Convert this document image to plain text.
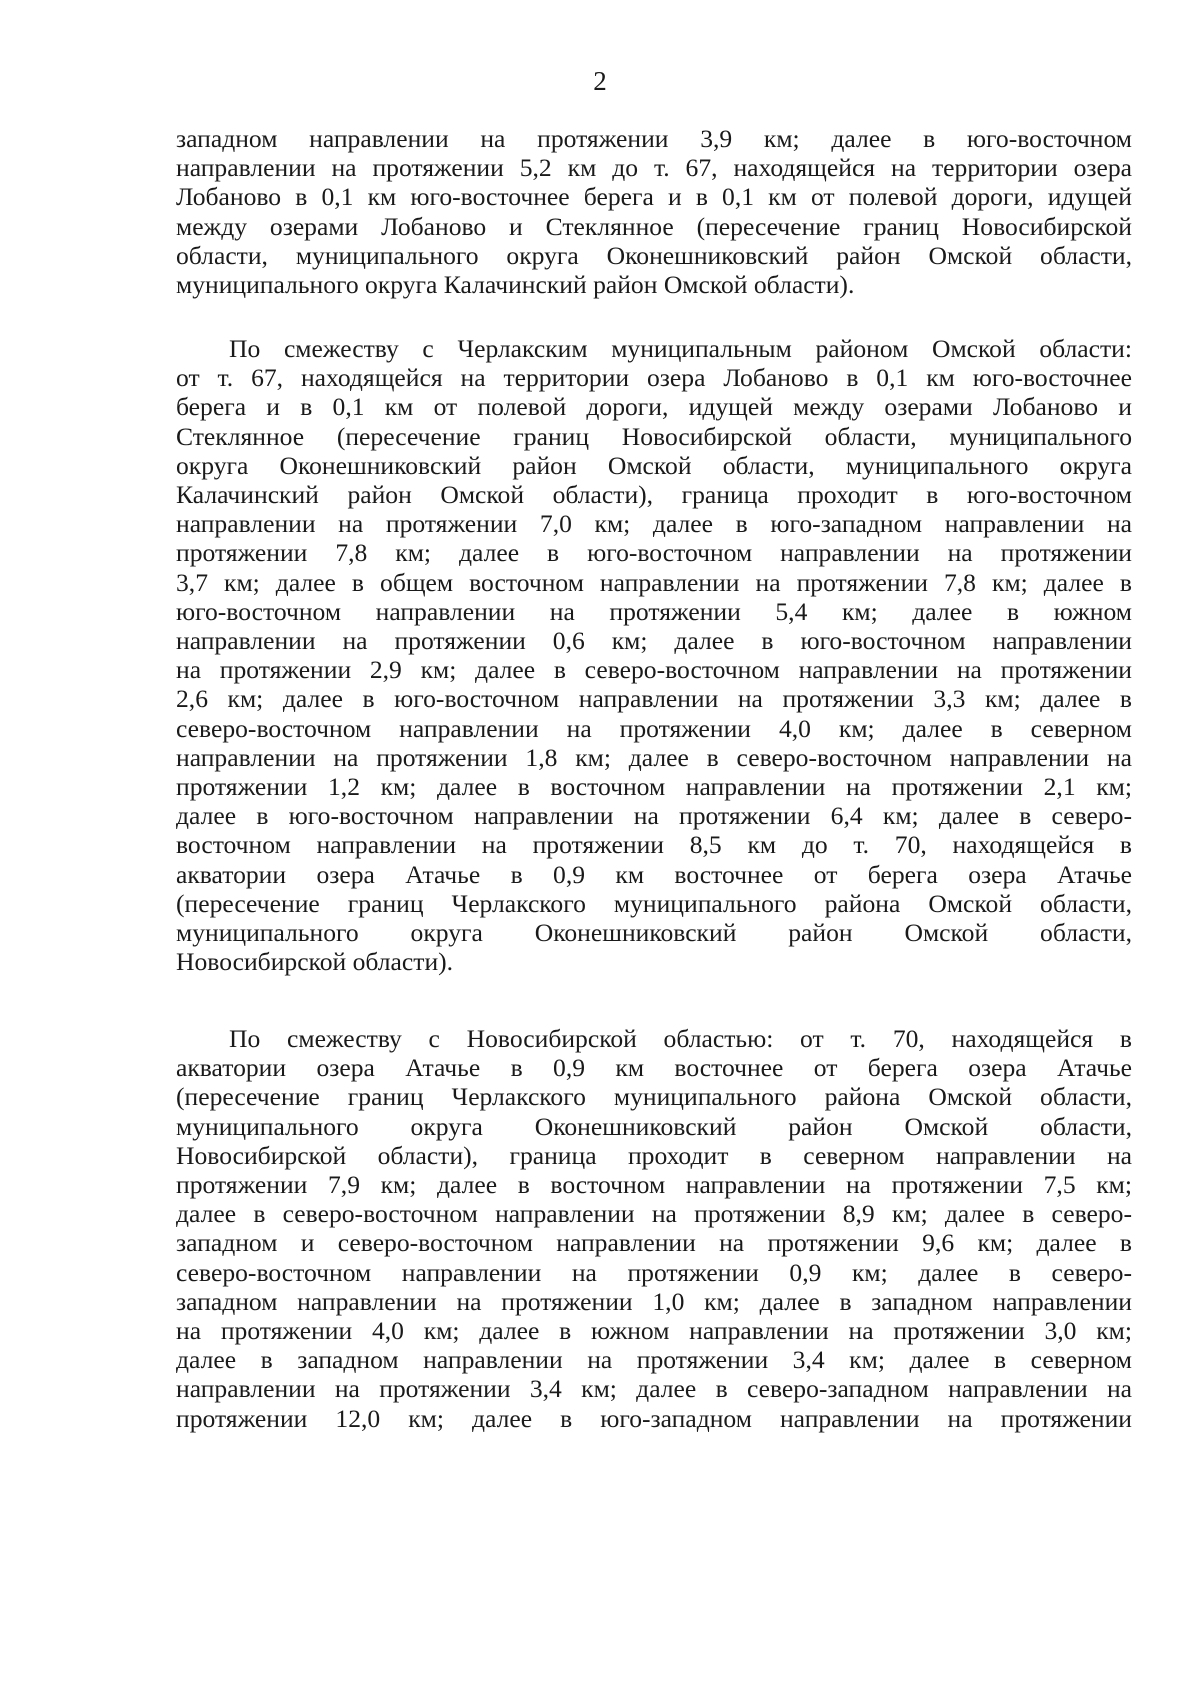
2
западном направлении на протяжении 3,9 км; далее в юго-восточном
направлении на протяжении 5,2 км до т. 67, находящейся на территории озера
Лобаново в 0,1 км юго-восточнее берега и в 0,1 км от полевой дороги, идущей
между озерами Лобаново и Стеклянное (пересечение границ Новосибирской
области, муниципального округа Оконешниковский район Омской области,
муниципального округа Калачинский район Омской области).
По смежеству с Черлакским муниципальным районом Омской области:
от т. 67, находящейся на территории озера Лобаново в 0,1 км юго-восточнее
берега и в 0,1 км от полевой дороги, идущей между озерами Лобаново и
Стеклянное (пересечение границ Новосибирской области, муниципального
округа Оконешниковский район Омской области, муниципального округа
Калачинский район Омской области), граница проходит в юго-восточном
направлении на протяжении 7,0 км; далее в юго-западном направлении на
протяжении 7,8 км; далее в юго-восточном направлении на протяжении
3,7 км; далее в общем восточном направлении на протяжении 7,8 км; далее в
юго-восточном направлении на протяжении 5,4 км; далее в южном
направлении на протяжении 0,6 км; далее в юго-восточном направлении
на протяжении 2,9 км; далее в северо-восточном направлении на протяжении
2,6 км; далее в юго-восточном направлении на протяжении 3,3 км; далее в
северо-восточном направлении на протяжении 4,0 км; далее в северном
направлении на протяжении 1,8 км; далее в северо-восточном направлении на
протяжении 1,2 км; далее в восточном направлении на протяжении 2,1 км;
далее в юго-восточном направлении на протяжении 6,4 км; далее в северо-
восточном направлении на протяжении 8,5 км до т. 70, находящейся в
акватории озера Атачье в 0,9 км восточнее от берега озера Атачье
(пересечение границ Черлакского муниципального района Омской области,
муниципального округа Оконешниковский район Омской области,
Новосибирской области).
По смежеству с Новосибирской областью: от т. 70, находящейся в
акватории озера Атачье в 0,9 км восточнее от берега озера Атачье
(пересечение границ Черлакского муниципального района Омской области,
муниципального округа Оконешниковский район Омской области,
Новосибирской области), граница проходит в северном направлении на
протяжении 7,9 км; далее в восточном направлении на протяжении 7,5 км;
далее в северо-восточном направлении на протяжении 8,9 км; далее в северо-
западном и северо-восточном направлении на протяжении 9,6 км; далее в
северо-восточном направлении на протяжении 0,9 км; далее в северо-
западном направлении на протяжении 1,0 км; далее в западном направлении
на протяжении 4,0 км; далее в южном направлении на протяжении 3,0 км;
далее в западном направлении на протяжении 3,4 км; далее в северном
направлении на протяжении 3,4 км; далее в северо-западном направлении на
протяжении 12,0 км; далее в юго-западном направлении на протяжении
